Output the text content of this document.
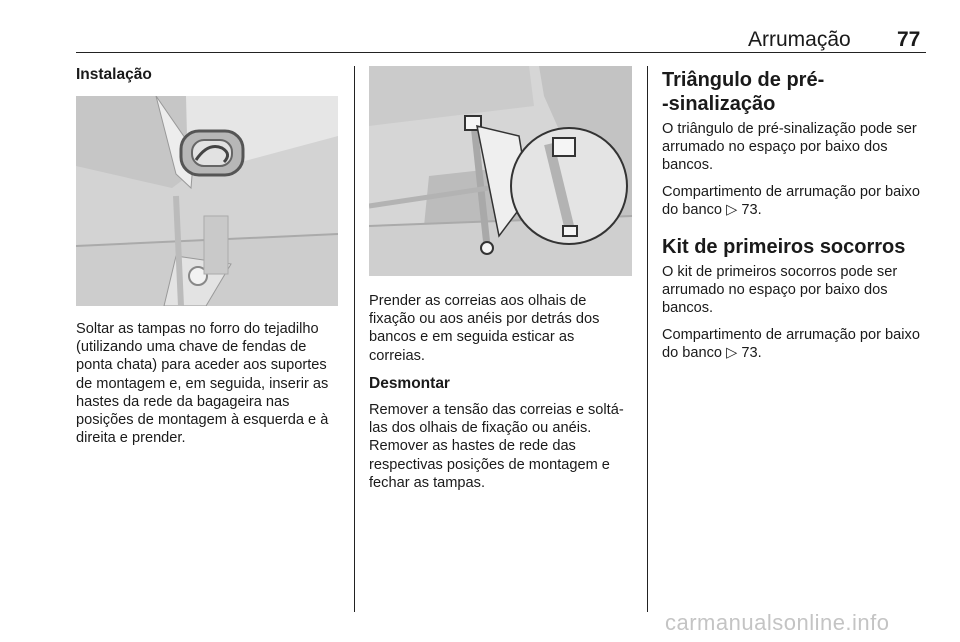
Arrumação 77
Instalação

Soltar as tampas no forro do tejadilho (utilizando uma chave de fendas de ponta chata) para aceder aos suportes de montagem e, em seguida, inserir as hastes da rede da bagageira nas posições de montagem à esquerda e à direita e prender.

Prender as correias aos olhais de fixação ou aos anéis por detrás dos bancos e em seguida esticar as correias.

Desmontar

Remover a tensão das correias e soltá-las dos olhais de fixação ou anéis. Remover as hastes de rede das respectivas posições de montagem e fechar as tampas.

Triângulo de pré-
-sinalização

O triângulo de pré-sinalização pode ser arrumado no espaço por baixo dos bancos.

Compartimento de arrumação por baixo do banco ▷ 73.

Kit de primeiros socorros

O kit de primeiros socorros pode ser arrumado no espaço por baixo dos bancos.

Compartimento de arrumação por baixo do banco ▷ 73.

carmanualsonline.info
